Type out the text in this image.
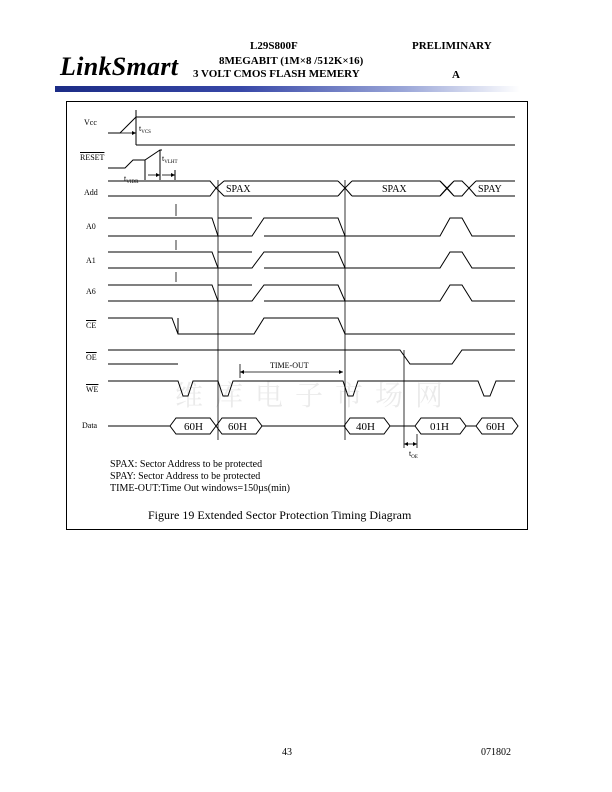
LinkSmart
L29S800F	PRELIMINARY
8MEGABIT (1M×8 /512K×16)
3 VOLT CMOS FLASH MEMERY	A
Vcc
RESET
Add
A0
A1
A6
$\overline{CE}$
$\overline{OE}$
$\overline{WE}$
Data
$t_{VCS}$
$t_{VLHT}$
$t_{VIDR}$
$t_{OE}$
TIME-OUT
SPAX	SPAX	SPAY
60H 60H	40H	01H	60H
维库电子市场网
SPAX: Sector Address to be protected
SPAY: Sector Address to be protected
TIME-OUT:Time Out windows=150µs(min)
Figure 19 Extended Sector Protection Timing Diagram
43	071802
